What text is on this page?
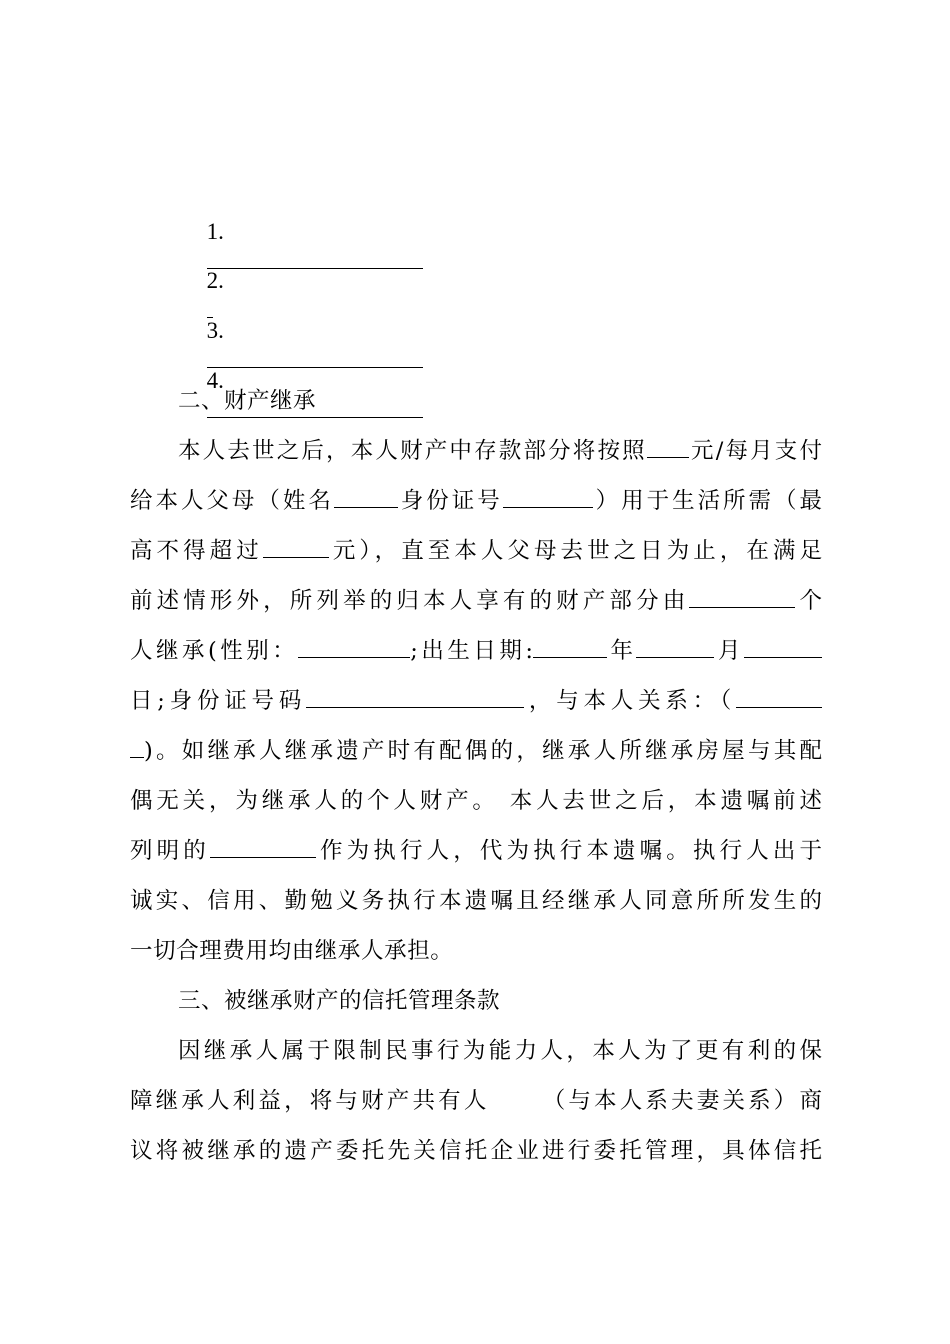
1.

2.

3.

4.

二、财产继承
本人去世之后，本人财产中存款部分将按照 元/每月支付
给本人父母（姓名	身份证号	）用于生活所需（最
高不得超过	元），直至本人父母去世之日为止，在满足
前述情形外，所列举的归本人享有的财产部分由	个
人继承(性别：	;出生日期:	年	月
日;身份证号码	，与本人关系：（
)。如继承人继承遗产时有配偶的，继承人所继承房屋与其配
偶无关，为继承人的个人财产。 本人去世之后，本遗嘱前述
列明的	作为执行人，代为执行本遗嘱。执行人出于
诚实、信用、勤勉义务执行本遗嘱且经继承人同意所所发生的
一切合理费用均由继承人承担。
三、被继承财产的信托管理条款
因继承人属于限制民事行为能力人，本人为了更有利的保
障继承人利益，将与财产共有人 （与本人系夫妻关系）商
议将被继承的遗产委托先关信托企业进行委托管理，具体信托
